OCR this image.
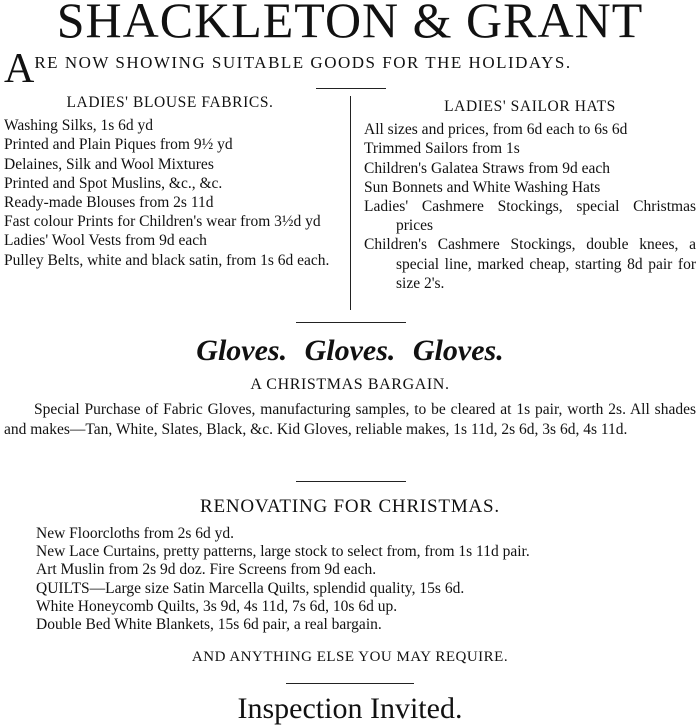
SHACKLETON & GRANT
ARE NOW SHOWING SUITABLE GOODS FOR THE HOLIDAYS.
LADIES' BLOUSE FABRICS.
Washing Silks, 1s 6d yd
Printed and Plain Piques from 9½ yd
Delaines, Silk and Wool Mixtures
Printed and Spot Muslins, &c., &c.
Ready-made Blouses from 2s 11d
Fast colour Prints for Children's wear from 3½d yd
Ladies' Wool Vests from 9d each
Pulley Belts, white and black satin, from 1s 6d each.
LADIES' SAILOR HATS
All sizes and prices, from 6d each to 6s 6d
Trimmed Sailors from 1s
Children's Galatea Straws from 9d each
Sun Bonnets and White Washing Hats
Ladies' Cashmere Stockings, special Christmas prices
Children's Cashmere Stockings, double knees, a special line, marked cheap, starting 8d pair for size 2's.
Gloves. Gloves. Gloves.
A CHRISTMAS BARGAIN.
Special Purchase of Fabric Gloves, manufacturing samples, to be cleared at 1s pair, worth 2s. All shades and makes—Tan, White, Slates, Black, &c. Kid Gloves, reliable makes, 1s 11d, 2s 6d, 3s 6d, 4s 11d.
RENOVATING FOR CHRISTMAS.
New Floorcloths from 2s 6d yd.
New Lace Curtains, pretty patterns, large stock to select from, from 1s 11d pair.
Art Muslin from 2s 9d doz. Fire Screens from 9d each.
QUILTS—Large size Satin Marcella Quilts, splendid quality, 15s 6d.
White Honeycomb Quilts, 3s 9d, 4s 11d, 7s 6d, 10s 6d up.
Double Bed White Blankets, 15s 6d pair, a real bargain.
AND ANYTHING ELSE YOU MAY REQUIRE.
Inspection Invited.
